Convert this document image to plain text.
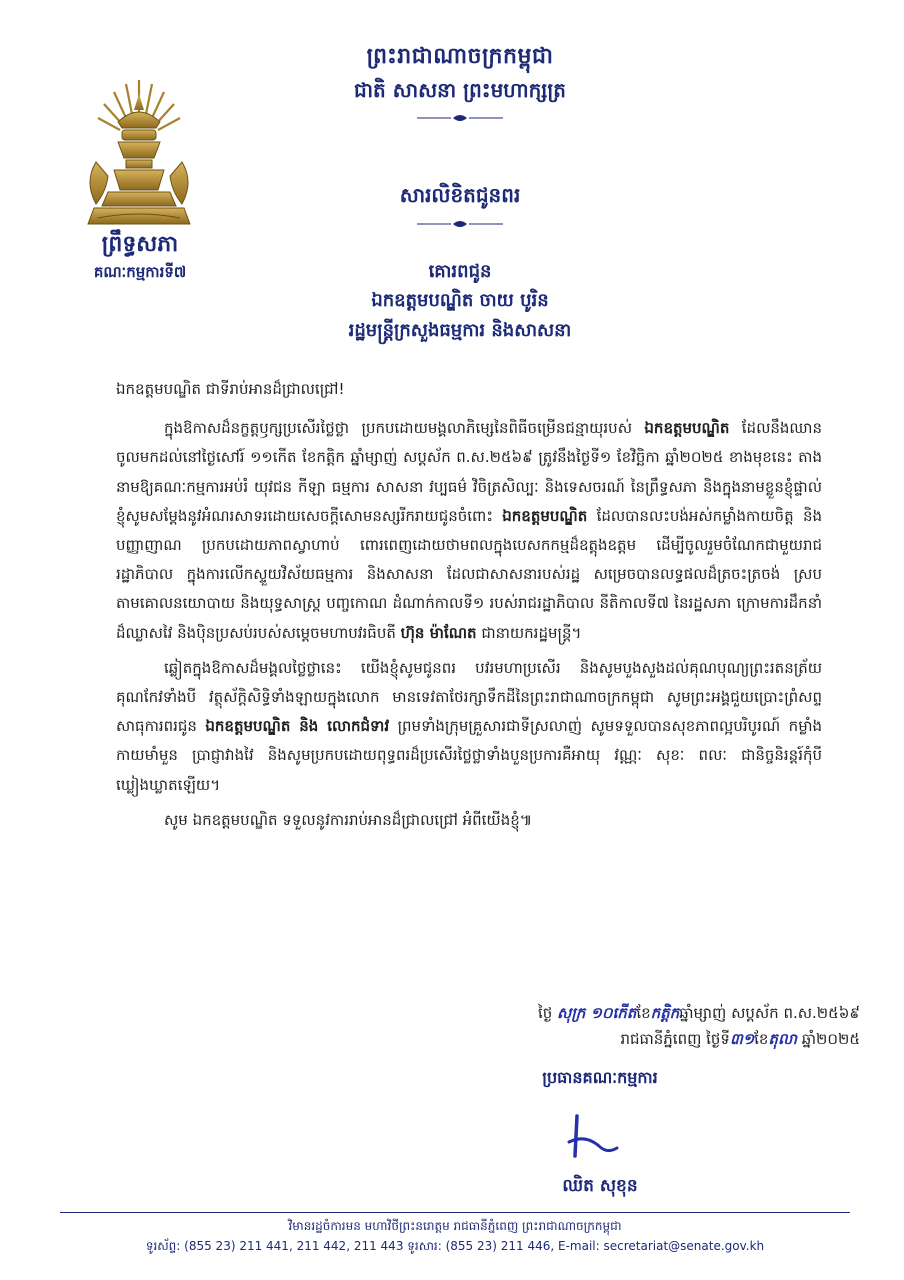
ព្រឹទ្ធសភា
គណៈកម្មការទី៧
ព្រះរាជាណាចក្រកម្ពុជា
ជាតិ សាសនា ព្រះមហាក្សត្រ
សារលិខិតជូនពរ
គោរពជូន
ឯកឧត្តមបណ្ឌិត ចាយ បូរិន
រដ្ឋមន្ត្រីក្រសួងធម្មការ និងសាសនា

ឯកឧត្តមបណ្ឌិត ជាទីរាប់អានដ៏ជ្រាលជ្រៅ!

ក្នុងឱកាសដ៏នក្ខត្តឫក្សប្រសើរថ្លៃថ្លា ប្រកបដោយមង្គលាភិម្សេនៃពិធីចម្រើនជន្មាយុរបស់ ឯកឧត្តមបណ្ឌិត ដែលនឹងឈានចូលមកដល់នៅថ្ងៃសៅរ៍ ១១កើត ខែកត្តិក ឆ្នាំម្សាញ់ សប្តស័ក ព.ស.២៥៦៩ ត្រូវនឹងថ្ងៃទី១ ខែវិច្ឆិកា ឆ្នាំ២០២៥ ខាងមុខនេះ តាងនាមឱ្យគណៈកម្មការអប់រំ យុវជន កីឡា ធម្មការ សាសនា វប្បធម៌ វិចិត្រសិល្បៈ និងទេសចរណ៍ នៃព្រឹទ្ធសភា និងក្នុងនាមខ្លួនខ្ញុំផ្ទាល់ ខ្ញុំសូមសម្តែងនូវអំណរសាទរដោយសេចក្តីសោមនស្សរីករាយជូនចំពោះ ឯកឧត្តមបណ្ឌិត ដែលបានលះបង់អស់កម្លាំងកាយចិត្ត និងបញ្ញាញាណ ប្រកបដោយភាពស្វាហាប់ ពោរពេញដោយថាមពលក្នុងបេសកកម្មដ៏ឧត្តុងឧត្តម ដើម្បីចូលរួមចំណែកជាមួយរាជរដ្ឋាភិបាល ក្នុងការលើកស្ទួយវិស័យធម្មការ និងសាសនា ដែលជាសាសនារបស់រដ្ឋ សម្រេចបានលទ្ធផលដ៏ត្រចះត្រចង់ ស្របតាមគោលនយោបាយ និងយុទ្ធសាស្ត្រ បញ្ចកោណ ដំណាក់កាលទី១ របស់រាជរដ្ឋាភិបាល នីតិកាលទី៧ នៃរដ្ឋសភា ក្រោមការដឹកនាំដ៏ឈ្លាសវៃ និងប៉ិនប្រសប់របស់សម្តេចមហាបវរធិបតី ហ៊ុន ម៉ាណែត ជានាយករដ្ឋមន្ត្រី។

ឆ្លៀតក្នុងឱកាសដ៏មង្គលថ្លៃថ្លានេះ យើងខ្ញុំសូមជូនពរ បវរមហាប្រសើរ និងសូមបួងសួងដល់គុណបុណ្យព្រះរតនត្រ័យ គុណកែវទាំងបី វត្ថុស័ក្តិសិទ្ធិទាំងឡាយក្នុងលោក មានទេវតាថែរក្សាទឹកដីនៃព្រះរាជាណាចក្រកម្ពុជា សូមព្រះអង្គជួយប្រោះព្រំសព្ទសាធុការពរជូន ឯកឧត្តមបណ្ឌិត និង លោកជំទាវ ព្រមទាំងក្រុមគ្រួសារជាទីស្រលាញ់ សូមទទួលបានសុខភាពល្អបរិបូរណ៍ កម្លាំងកាយមាំមួន ប្រាជ្ញាវាងវៃ និងសូមប្រកបដោយពុទ្ធពរដ៏ប្រសើរថ្លៃថ្លាទាំងបួនប្រការគឺអាយុ វណ្ណៈ សុខៈ ពលៈ ជានិច្ចនិរន្តរ៍កុំបីឃ្លៀងឃ្លាតឡើយ។

សូម ឯកឧត្តមបណ្ឌិត ទទួលនូវការរាប់អានដ៏ជ្រាលជ្រៅ អំពីយើងខ្ញុំ៕

ថ្ងៃ សុក្រ ១០កើតខែកត្តិកឆ្នាំម្សាញ់ សប្តស័ក ព.ស.២៥៦៩
រាជធានីភ្នំពេញ ថ្ងៃទី៣១ខែតុលា ឆ្នាំ២០២៥
ប្រធានគណៈកម្មការ
ឈិត សុខុន
វិមានរដ្ឋចំការមន មហាវិថីព្រះនរោត្តម រាជធានីភ្នំពេញ ព្រះរាជាណាចក្រកម្ពុជា
ទូរស័ព្ទ: (855 23) 211 441, 211 442, 211 443 ទូរសារ: (855 23) 211 446, E-mail: secretariat@senate.gov.kh
